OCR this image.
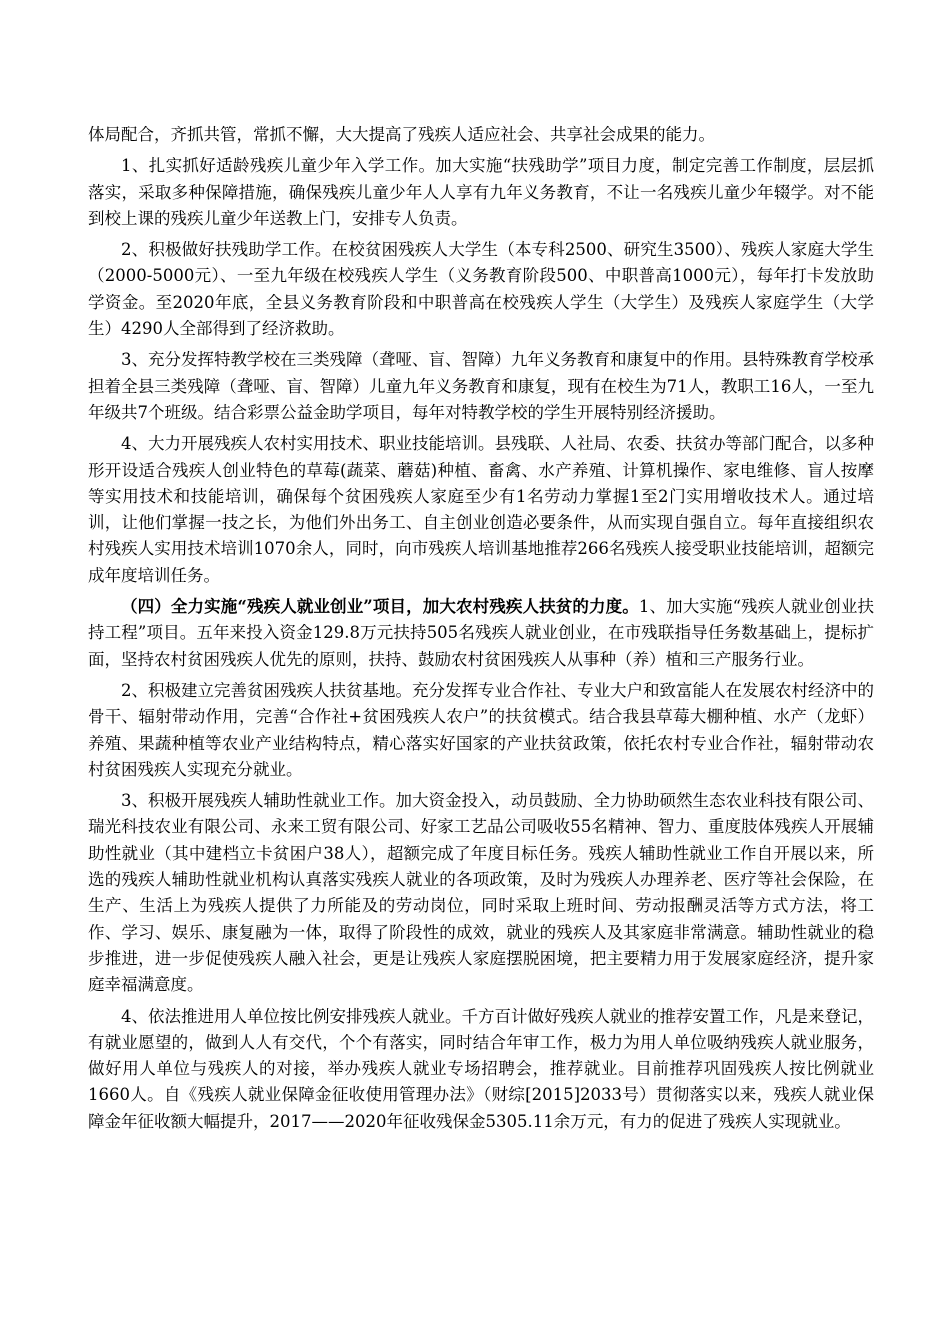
体局配合，齐抓共管，常抓不懈，大大提高了残疾人适应社会、共享社会成果的能力。

1、扎实抓好适龄残疾儿童少年入学工作。加大实施“扶残助学”项目力度，制定完善工作制度，层层抓落实，采取多种保障措施，确保残疾儿童少年人人享有九年义务教育，不让一名残疾儿童少年辍学。对不能到校上课的残疾儿童少年送教上门，安排专人负责。

2、积极做好扶残助学工作。在校贫困残疾人大学生（本专科2500、研究生3500）、残疾人家庭大学生（2000-5000元）、一至九年级在校残疾人学生（义务教育阶段500、中职普高1000元），每年打卡发放助学资金。至2020年底，全县义务教育阶段和中职普高在校残疾人学生（大学生）及残疾人家庭学生（大学生）4290人全部得到了经济救助。

3、充分发挥特教学校在三类残障（聋哑、盲、智障）九年义务教育和康复中的作用。县特殊教育学校承担着全县三类残障（聋哑、盲、智障）儿童九年义务教育和康复，现有在校生为71人，教职工16人，一至九年级共7个班级。结合彩票公益金助学项目，每年对特教学校的学生开展特别经济援助。

4、大力开展残疾人农村实用技术、职业技能培训。县残联、人社局、农委、扶贫办等部门配合，以多种形开设适合残疾人创业特色的草莓(蔬菜、蘑菇)种植、畜禽、水产养殖、计算机操作、家电维修、盲人按摩等实用技术和技能培训，确保每个贫困残疾人家庭至少有1名劳动力掌握1至2门实用增收技术人。通过培训，让他们掌握一技之长，为他们外出务工、自主创业创造必要条件，从而实现自强自立。每年直接组织农村残疾人实用技术培训1070余人，同时，向市残疾人培训基地推荐266名残疾人接受职业技能培训，超额完成年度培训任务。

（四）全力实施“残疾人就业创业”项目，加大农村残疾人扶贫的力度。1、加大实施“残疾人就业创业扶持工程”项目。五年来投入资金129.8万元扶持505名残疾人就业创业，在市残联指导任务数基础上，提标扩面，坚持农村贫困残疾人优先的原则，扶持、鼓励农村贫困残疾人从事种（养）植和三产服务行业。

2、积极建立完善贫困残疾人扶贫基地。充分发挥专业合作社、专业大户和致富能人在发展农村经济中的骨干、辐射带动作用，完善“合作社+贫困残疾人农户”的扶贫模式。结合我县草莓大棚种植、水产（龙虾）养殖、果蔬种植等农业产业结构特点，精心落实好国家的产业扶贫政策，依托农村专业合作社，辐射带动农村贫困残疾人实现充分就业。

3、积极开展残疾人辅助性就业工作。加大资金投入，动员鼓励、全力协助硕然生态农业科技有限公司、瑞光科技农业有限公司、永来工贸有限公司、好家工艺品公司吸收55名精神、智力、重度肢体残疾人开展辅助性就业（其中建档立卡贫困户38人），超额完成了年度目标任务。残疾人辅助性就业工作自开展以来，所选的残疾人辅助性就业机构认真落实残疾人就业的各项政策，及时为残疾人办理养老、医疗等社会保险，在生产、生活上为残疾人提供了力所能及的劳动岗位，同时采取上班时间、劳动报酬灵活等方式方法，将工作、学习、娱乐、康复融为一体，取得了阶段性的成效，就业的残疾人及其家庭非常满意。辅助性就业的稳步推进，进一步促使残疾人融入社会，更是让残疾人家庭摆脱困境，把主要精力用于发展家庭经济，提升家庭幸福满意度。

4、依法推进用人单位按比例安排残疾人就业。千方百计做好残疾人就业的推荐安置工作，凡是来登记，有就业愿望的，做到人人有交代，个个有落实，同时结合年审工作，极力为用人单位吸纳残疾人就业服务，做好用人单位与残疾人的对接，举办残疾人就业专场招聘会，推荐就业。目前推荐巩固残疾人按比例就业1660人。自《残疾人就业保障金征收使用管理办法》（财综[2015]2033号）贯彻落实以来，残疾人就业保障金年征收额大幅提升，2017——2020年征收残保金5305.11余万元，有力的促进了残疾人实现就业。
